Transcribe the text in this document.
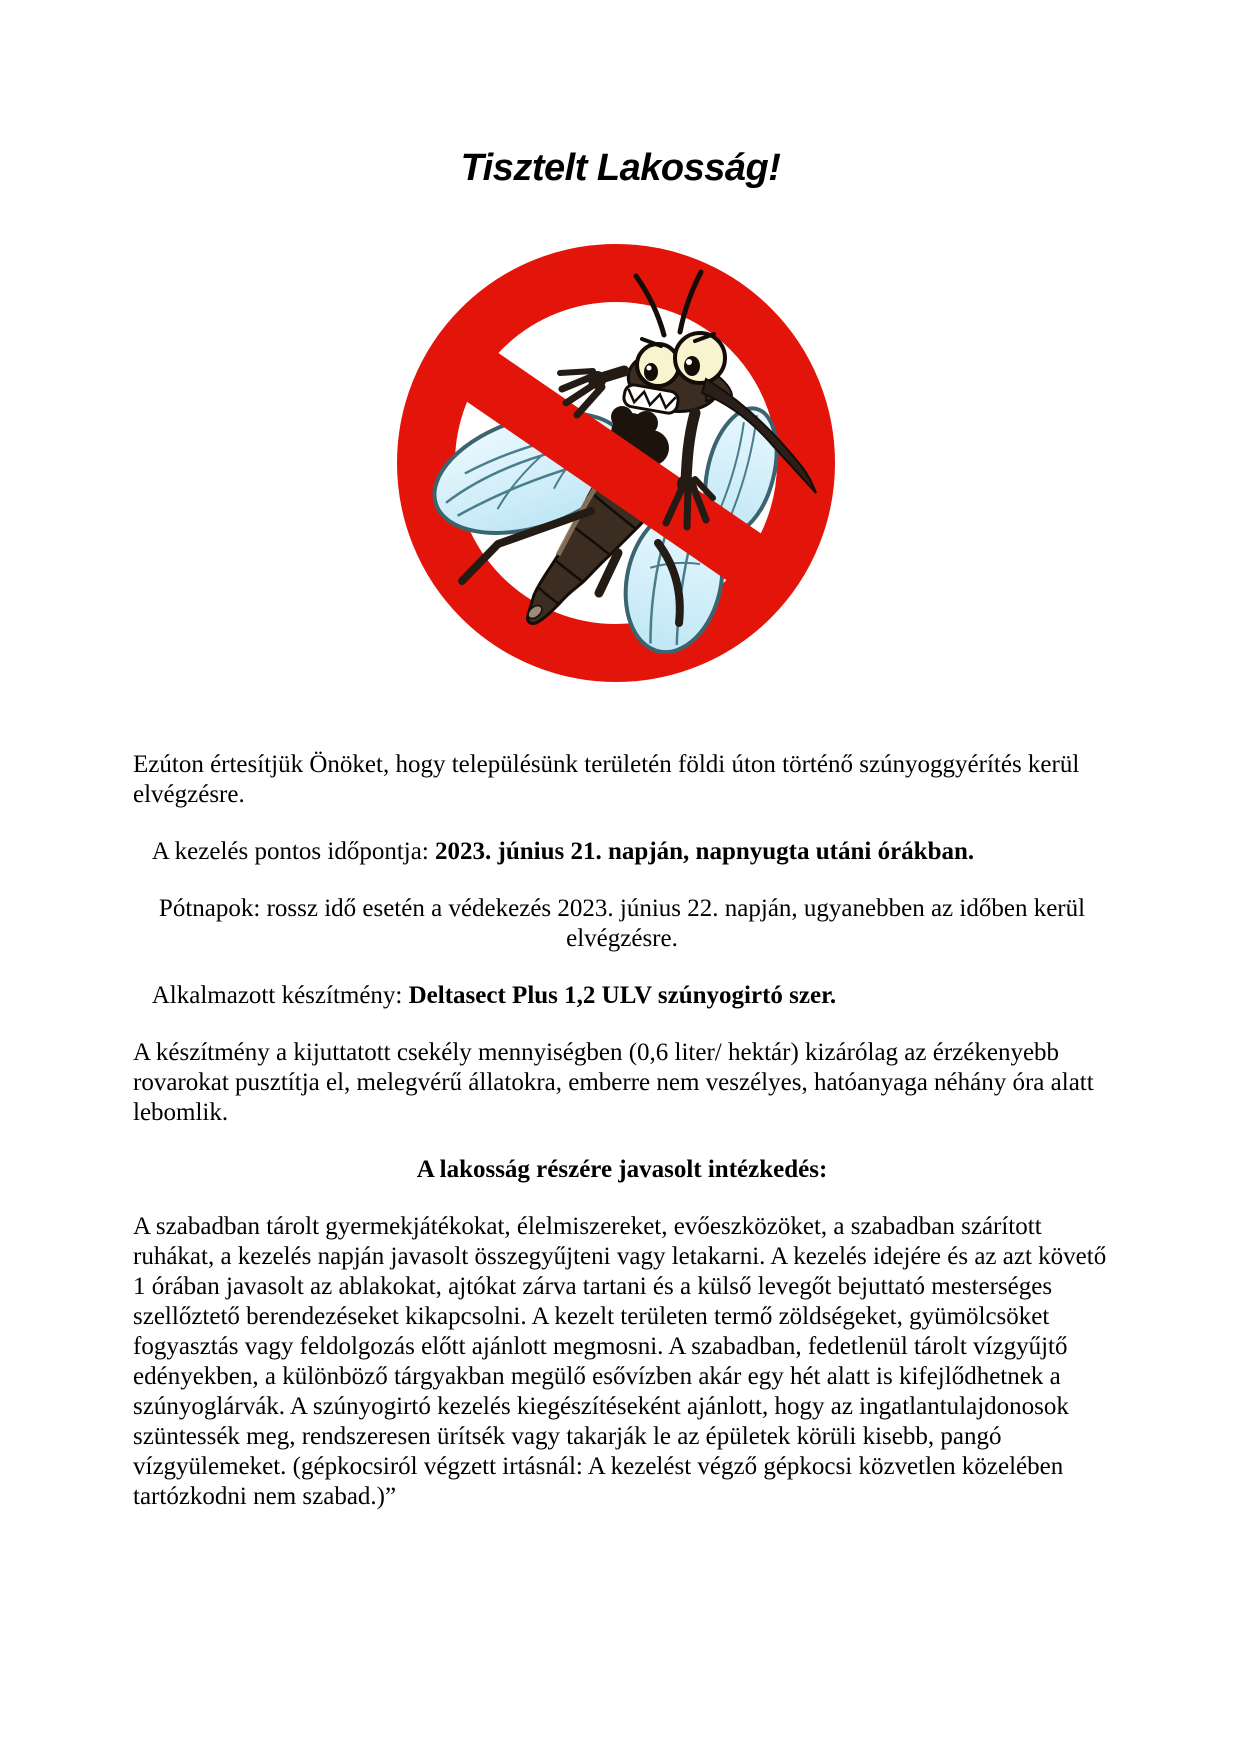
Tisztelt Lakosság!

Ezúton értesítjük Önöket, hogy településünk területén földi úton történő szúnyoggyérítés kerül elvégzésre.

A kezelés pontos időpontja: 2023. június 21. napján, napnyugta utáni órákban.

Pótnapok: rossz idő esetén a védekezés 2023. június 22. napján, ugyanebben az időben kerül elvégzésre.

Alkalmazott készítmény: Deltasect Plus 1,2 ULV szúnyogirtó szer.

A készítmény a kijuttatott csekély mennyiségben (0,6 liter/ hektár) kizárólag az érzékenyebb rovarokat pusztítja el, melegvérű állatokra, emberre nem veszélyes, hatóanyaga néhány óra alatt lebomlik.

A lakosság részére javasolt intézkedés:

A szabadban tárolt gyermekjátékokat, élelmiszereket, evőeszközöket, a szabadban szárított ruhákat, a kezelés napján javasolt összegyűjteni vagy letakarni. A kezelés idejére és az azt követő 1 órában javasolt az ablakokat, ajtókat zárva tartani és a külső levegőt bejuttató mesterséges szellőztető berendezéseket kikapcsolni. A kezelt területen termő zöldségeket, gyümölcsöket fogyasztás vagy feldolgozás előtt ajánlott megmosni. A szabadban, fedetlenül tárolt vízgyűjtő edényekben, a különböző tárgyakban megülő esővízben akár egy hét alatt is kifejlődhetnek a szúnyoglárvák. A szúnyogirtó kezelés kiegészítéseként ajánlott, hogy az ingatlantulajdonosok szüntessék meg, rendszeresen ürítsék vagy takarják le az épületek körüli kisebb, pangó vízgyülemeket. (gépkocsiról végzett irtásnál: A kezelést végző gépkocsi közvetlen közelében tartózkodni nem szabad.)”
